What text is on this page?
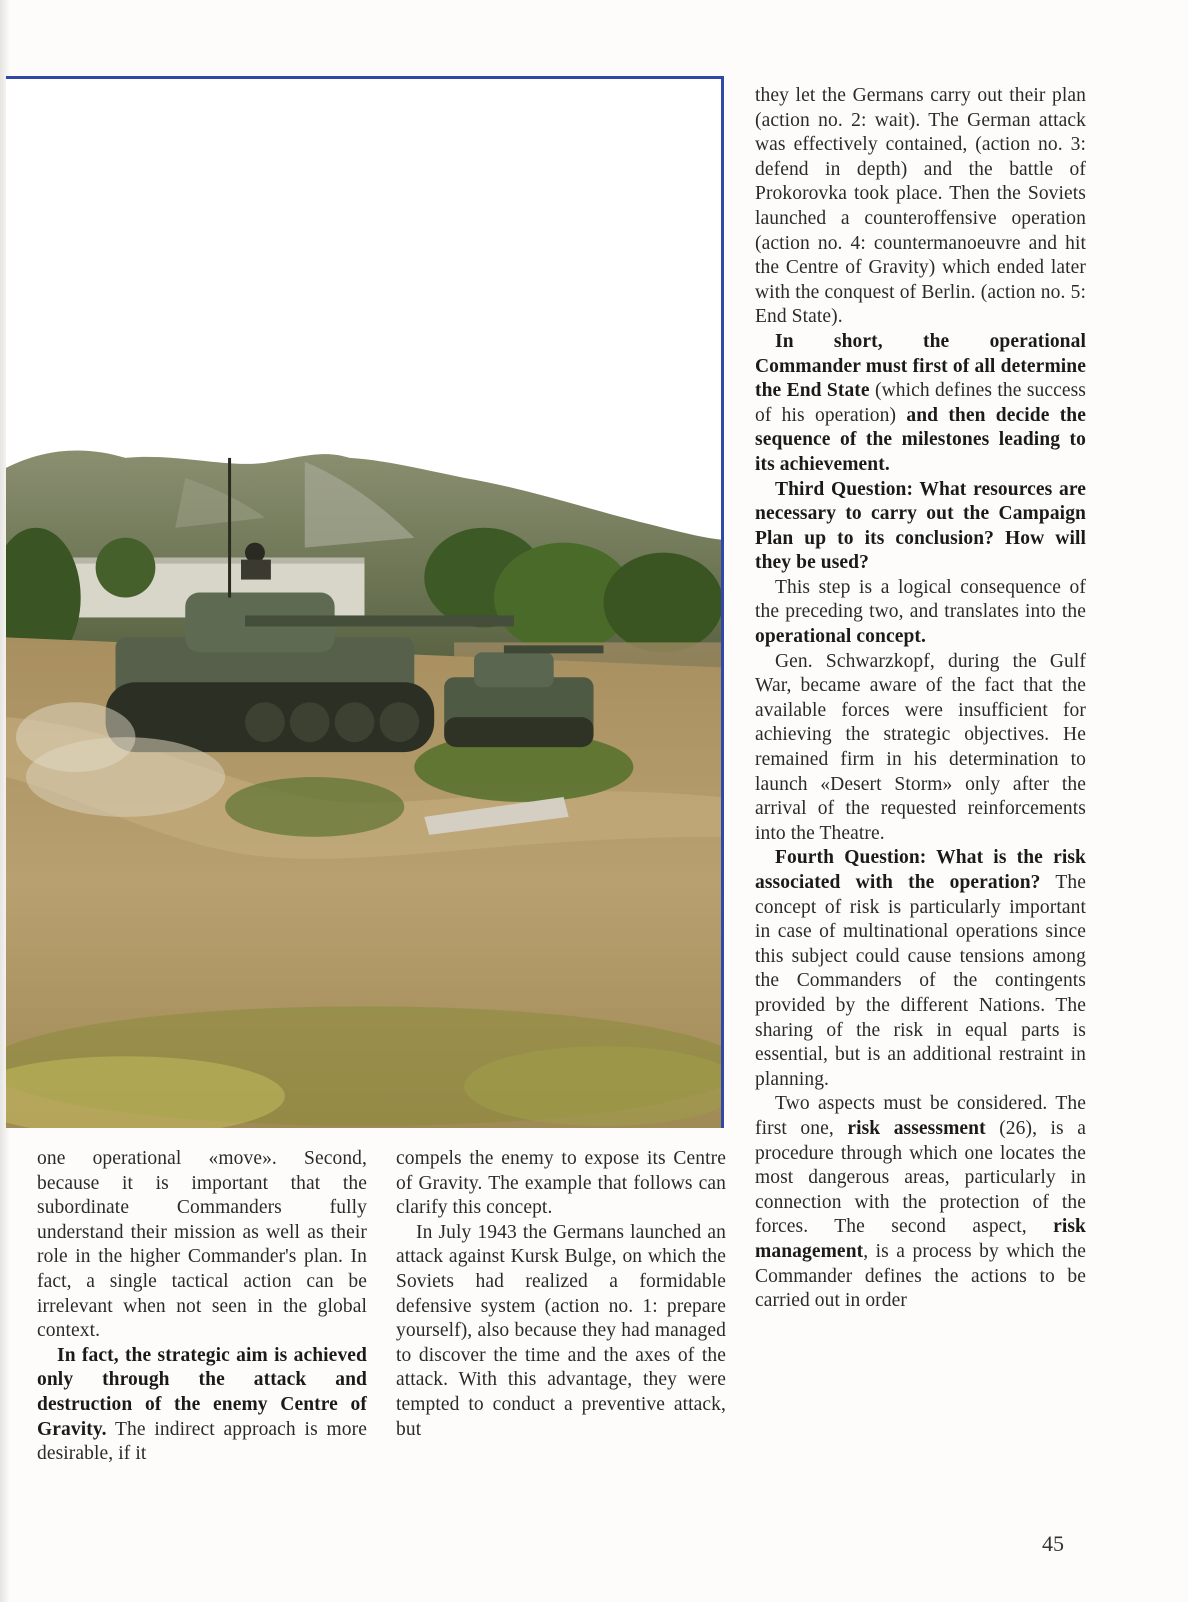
one operational «move». Second, because it is important that the subordinate Commanders fully understand their mission as well as their role in the higher Commander's plan. In fact, a single tactical action can be irrelevant when not seen in the global context.

In fact, the strategic aim is achieved only through the attack and destruction of the enemy Centre of Gravity. The indirect approach is more desirable, if it

compels the enemy to expose its Centre of Gravity. The example that follows can clarify this concept.

In July 1943 the Germans launched an attack against Kursk Bulge, on which the Soviets had realized a formidable defensive system (action no. 1: prepare yourself), also because they had managed to discover the time and the axes of the attack. With this advantage, they were tempted to conduct a preventive attack, but

they let the Germans carry out their plan (action no. 2: wait). The German attack was effectively contained, (action no. 3: defend in depth) and the battle of Prokorovka took place. Then the Soviets launched a counteroffensive operation (action no. 4: countermanoeuvre and hit the Centre of Gravity) which ended later with the conquest of Berlin. (action no. 5: End State).

In short, the operational Commander must first of all determine the End State (which defines the success of his operation) and then decide the sequence of the milestones leading to its achievement.

Third Question: What resources are necessary to carry out the Campaign Plan up to its conclusion? How will they be used?

This step is a logical consequence of the preceding two, and translates into the operational concept.

Gen. Schwarzkopf, during the Gulf War, became aware of the fact that the available forces were insufficient for achieving the strategic objectives. He remained firm in his determination to launch «Desert Storm» only after the arrival of the requested reinforcements into the Theatre.

Fourth Question: What is the risk associated with the operation? The concept of risk is particularly important in case of multinational operations since this subject could cause tensions among the Commanders of the contingents provided by the different Nations. The sharing of the risk in equal parts is essential, but is an additional restraint in planning.

Two aspects must be considered. The first one, risk assessment (26), is a procedure through which one locates the most dangerous areas, particularly in connection with the protection of the forces. The second aspect, risk management, is a process by which the Commander defines the actions to be carried out in order

45
